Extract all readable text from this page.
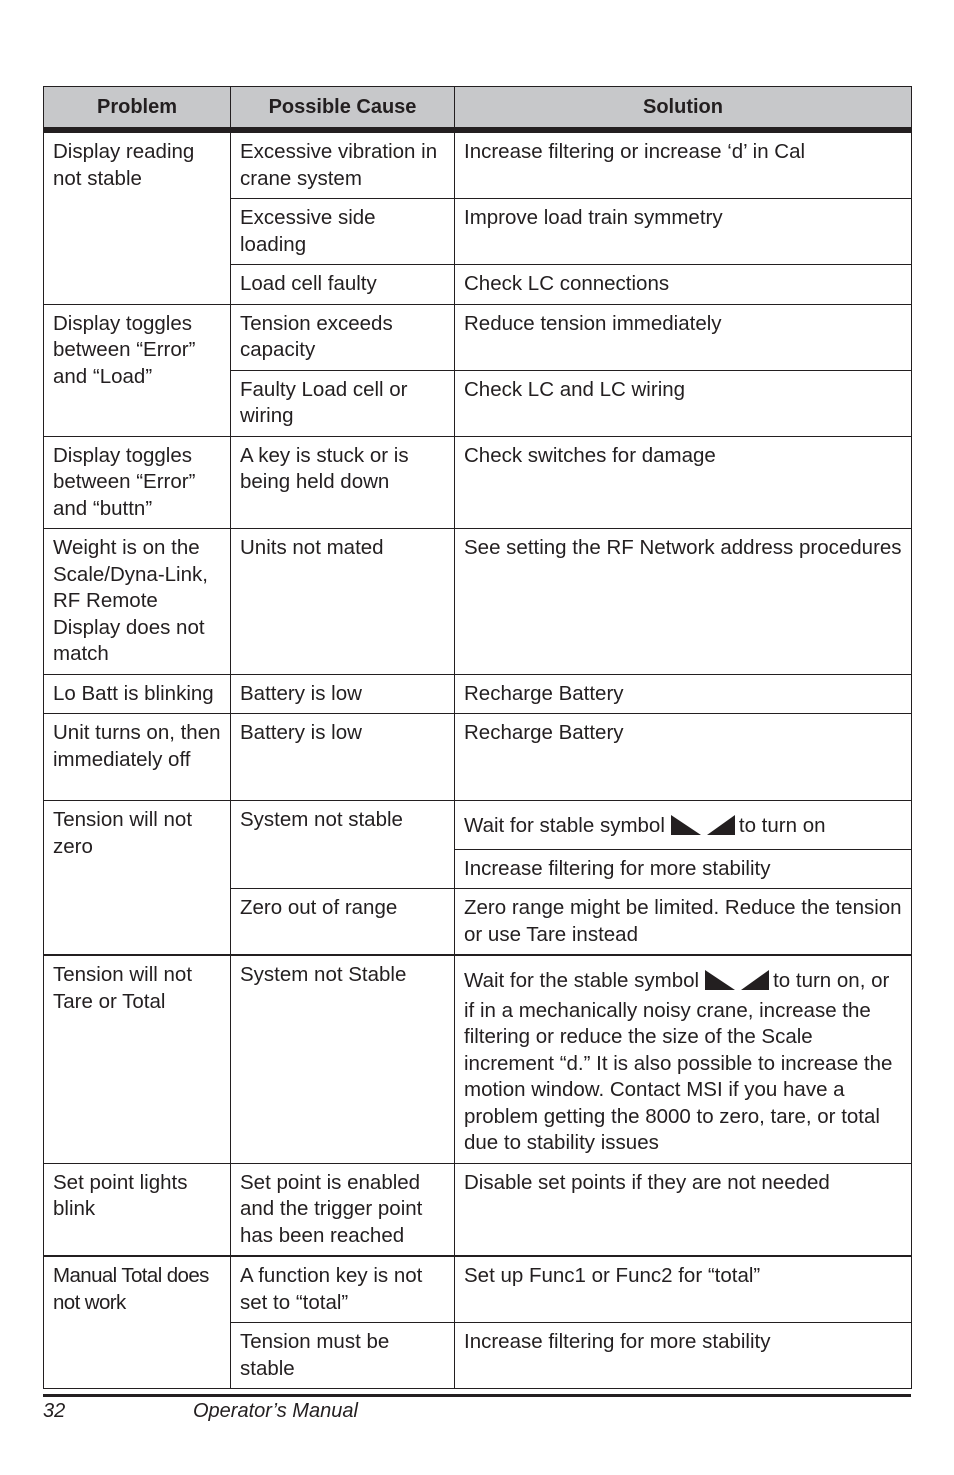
Problem	Possible Cause	Solution
Display reading not stable	Excessive vibration in crane system	Increase filtering or increase ‘d’ in Cal
	Excessive side loading	Improve load train symmetry
	Load cell faulty	Check LC connections
Display toggles between “Error” and “Load”	Tension exceeds capacity	Reduce tension immediately
	Faulty Load cell or wiring	Check LC and LC wiring
Display toggles between “Error” and “buttn”	A key is stuck or is being held down	Check switches for damage
Weight is on the Scale/Dyna-Link, RF Remote Display does not match	Units not mated	See setting the RF Network address procedures
Lo Batt is blinking	Battery is low	Recharge Battery
Unit turns on, then immediately off	Battery is low	Recharge Battery
Tension will not zero	System not stable	Wait for stable symbol to turn on
		Increase filtering for more stability
	Zero out of range	Zero range might be limited. Reduce the tension or use Tare instead
Tension will not Tare or Total	System not Stable	Wait for the stable symbol to turn on, or if in a mechanically noisy crane, increase the filtering or reduce the size of the Scale increment “d.” It is also possible to increase the motion window. Contact MSI if you have a problem getting the 8000 to zero, tare, or total due to stability issues
Set point lights blink	Set point is enabled and the trigger point has been reached	Disable set points if they are not needed
Manual Total does not work	A function key is not set to “total”	Set up Func1 or Func2 for “total”
	Tension must be stable	Increase filtering for more stability
32	Operator’s Manual
